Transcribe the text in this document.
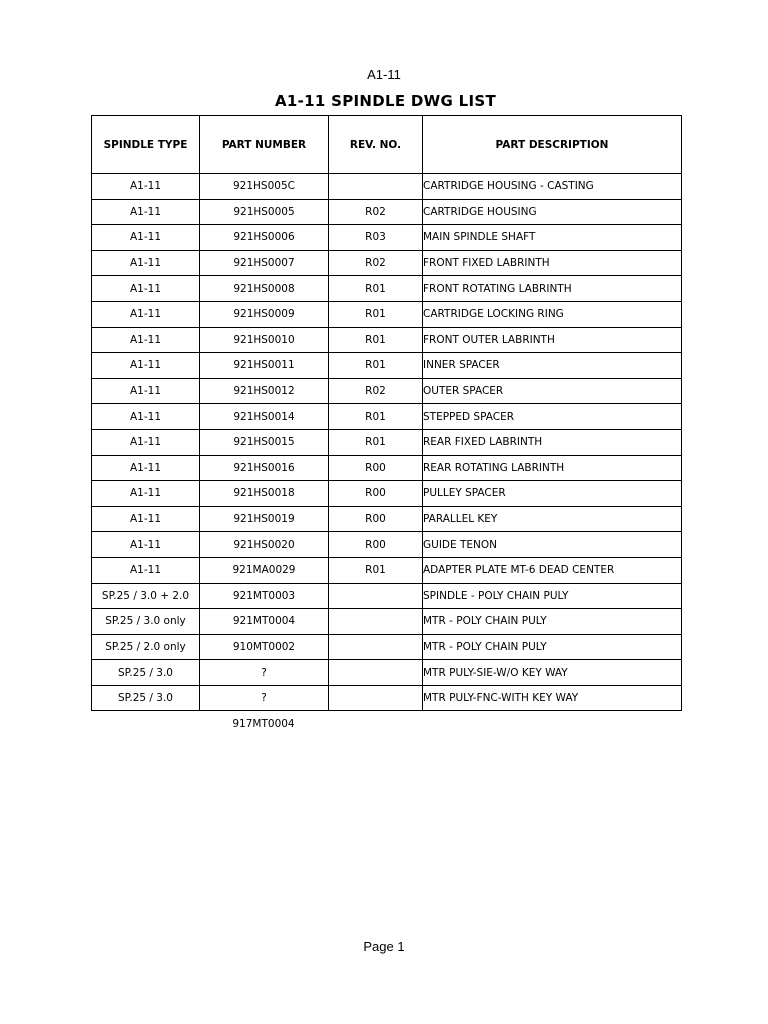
A1-11
A1-11 SPINDLE DWG LIST
SPINDLE TYPE	PART NUMBER	REV. NO.	PART DESCRIPTION
A1-11	921HS005C		CARTRIDGE HOUSING - CASTING
A1-11	921HS0005	R02	CARTRIDGE HOUSING
A1-11	921HS0006	R03	MAIN SPINDLE SHAFT
A1-11	921HS0007	R02	FRONT FIXED LABRINTH
A1-11	921HS0008	R01	FRONT ROTATING LABRINTH
A1-11	921HS0009	R01	CARTRIDGE LOCKING RING
A1-11	921HS0010	R01	FRONT OUTER LABRINTH
A1-11	921HS0011	R01	INNER SPACER
A1-11	921HS0012	R02	OUTER SPACER
A1-11	921HS0014	R01	STEPPED SPACER
A1-11	921HS0015	R01	REAR FIXED LABRINTH
A1-11	921HS0016	R00	REAR ROTATING LABRINTH
A1-11	921HS0018	R00	PULLEY SPACER
A1-11	921HS0019	R00	PARALLEL KEY
A1-11	921HS0020	R00	GUIDE TENON
A1-11	921MA0029	R01	ADAPTER PLATE MT-6 DEAD CENTER
SP.25 / 3.0 + 2.0	921MT0003		SPINDLE - POLY CHAIN PULY
SP.25 / 3.0 only	921MT0004		MTR - POLY CHAIN PULY
SP.25 / 2.0 only	910MT0002		MTR - POLY CHAIN PULY
SP.25 / 3.0	?		MTR PULY-SIE-W/O KEY WAY
SP.25 / 3.0	?		MTR PULY-FNC-WITH KEY WAY
917MT0004
Page 1
